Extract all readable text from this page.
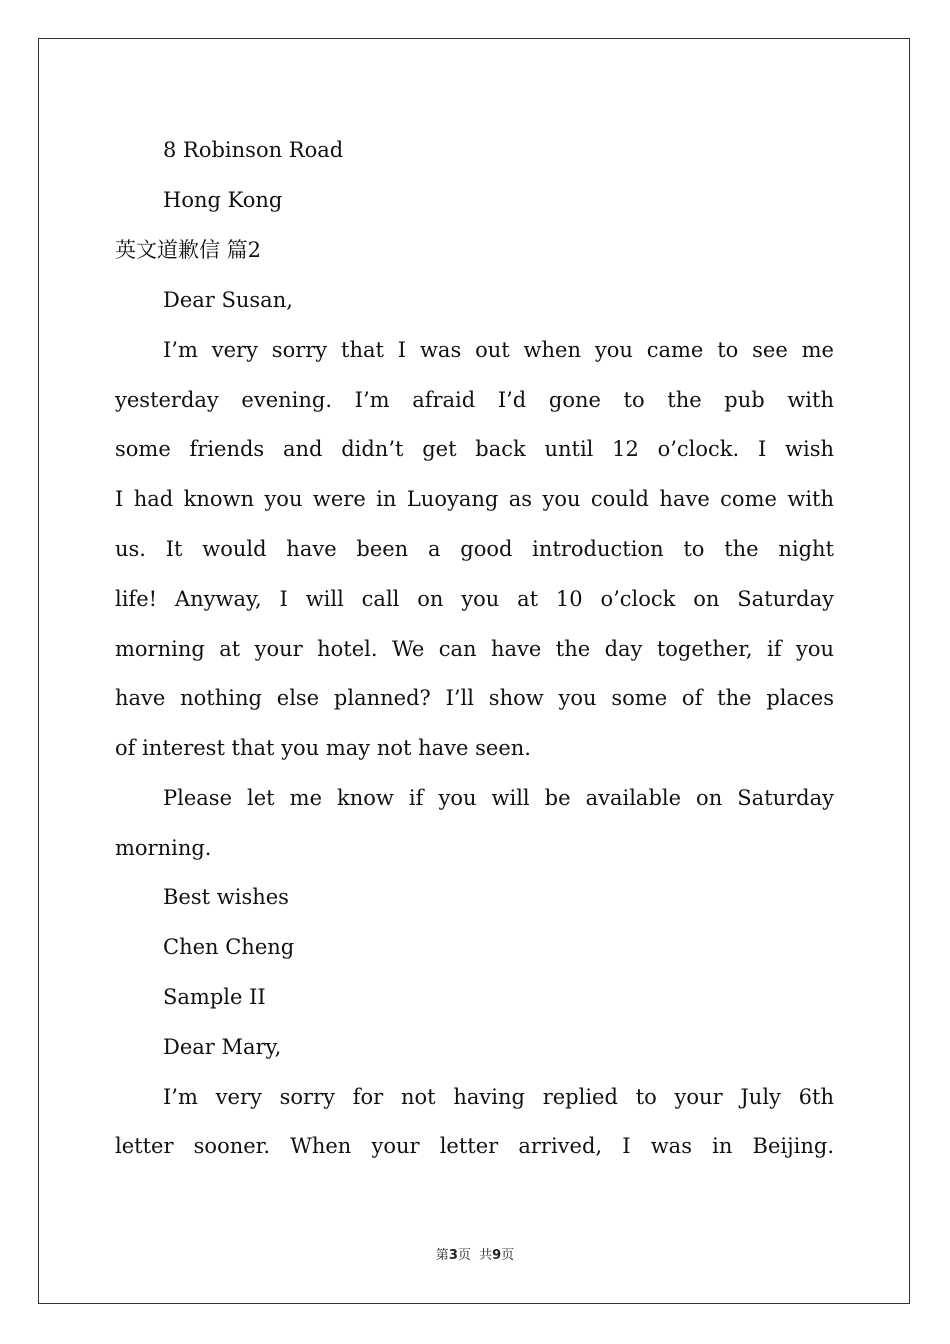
8 Robinson Road
Hong Kong
英文道歉信 篇2
Dear Susan,
I’m very sorry that I was out when you came to see me
yesterday evening. I’m afraid I’d gone to the pub with
some friends and didn’t get back until 12 o’clock. I wish
I had known you were in Luoyang as you could have come with
us. It would have been a good introduction to the night
life! Anyway, I will call on you at 10 o’clock on Saturday
morning at your hotel. We can have the day together, if you
have nothing else planned? I’ll show you some of the places
of interest that you may not have seen.
Please let me know if you will be available on Saturday
morning.
Best wishes
Chen Cheng
Sample II
Dear Mary,
I’m very sorry for not having replied to your July 6th
letter sooner. When your letter arrived, I was in Beijing.
第3页  共9页
